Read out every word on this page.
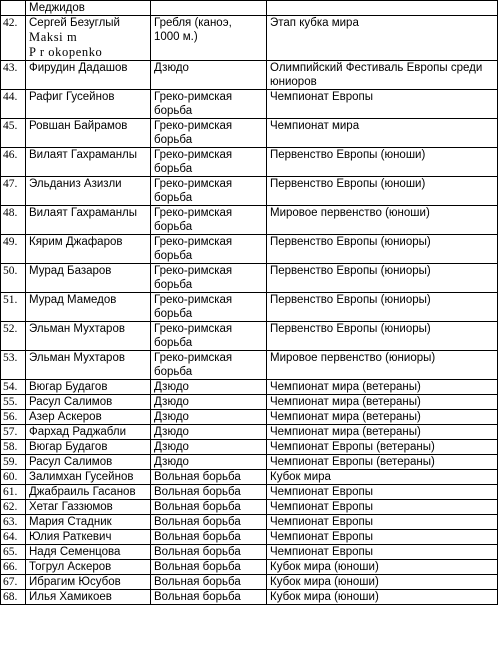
	Меджидов		

42.	Сергей Безуглый
Maksi m
P r okopenko	Гребля (каноэ,
1000 м.)	Этап кубка мира

43.	Фирудин Дадашов	Дзюдо	Олимпийский Фестиваль Европы среди
юниоров

44.	Рафиг Гусейнов	Греко-римская
борьба	Чемпионат Европы

45.	Ровшан Байрамов	Греко-римская
борьба	Чемпионат мира

46.	Вилаят Гахраманлы	Греко-римская
борьба	Первенство Европы (юноши)

47.	Эльданиз Азизли	Греко-римская
борьба	Первенство Европы (юноши)

48.	Вилаят Гахраманлы	Греко-римская
борьба	Мировое первенство (юноши)

49.	Кярим Джафаров	Греко-римская
борьба	Первенство Европы (юниоры)

50.	Мурад Базаров	Греко-римская
борьба	Первенство Европы (юниоры)

51.	Мурад Мамедов	Греко-римская
борьба	Первенство Европы (юниоры)

52.	Эльман Мухтаров	Греко-римская
борьба	Первенство Европы (юниоры)

53.	Эльман Мухтаров	Греко-римская
борьба	Мировое первенство (юниоры)

54.	Вюгар Будагов	Дзюдо	Чемпионат мира (ветераны)

55.	Расул Салимов	Дзюдо	Чемпионат мира (ветераны)

56.	Азер Аскеров	Дзюдо	Чемпионат мира (ветераны)

57.	Фархад Раджабли	Дзюдо	Чемпионат мира (ветераны)

58.	Вюгар Будагов	Дзюдо	Чемпионат Европы (ветераны)

59.	Расул Салимов	Дзюдо	Чемпионат Европы (ветераны)

60.	Залимхан Гусейнов	Вольная борьба	Кубок мира

61.	Джабраиль Гасанов	Вольная борьба	Чемпионат Европы

62.	Хетаг Газзюмов	Вольная борьба	Чемпионат Европы

63.	Мария Стадник	Вольная борьба	Чемпионат Европы

64.	Юлия Раткевич	Вольная борьба	Чемпионат Европы

65.	Надя Семенцова	Вольная борьба	Чемпионат Европы

66.	Тогрул Аскеров	Вольная борьба	Кубок мира (юноши)

67.	Ибрагим Юсубов	Вольная борьба	Кубок мира (юноши)

68.	Илья Хамикоев	Вольная борьба	Кубок мира (юноши)
